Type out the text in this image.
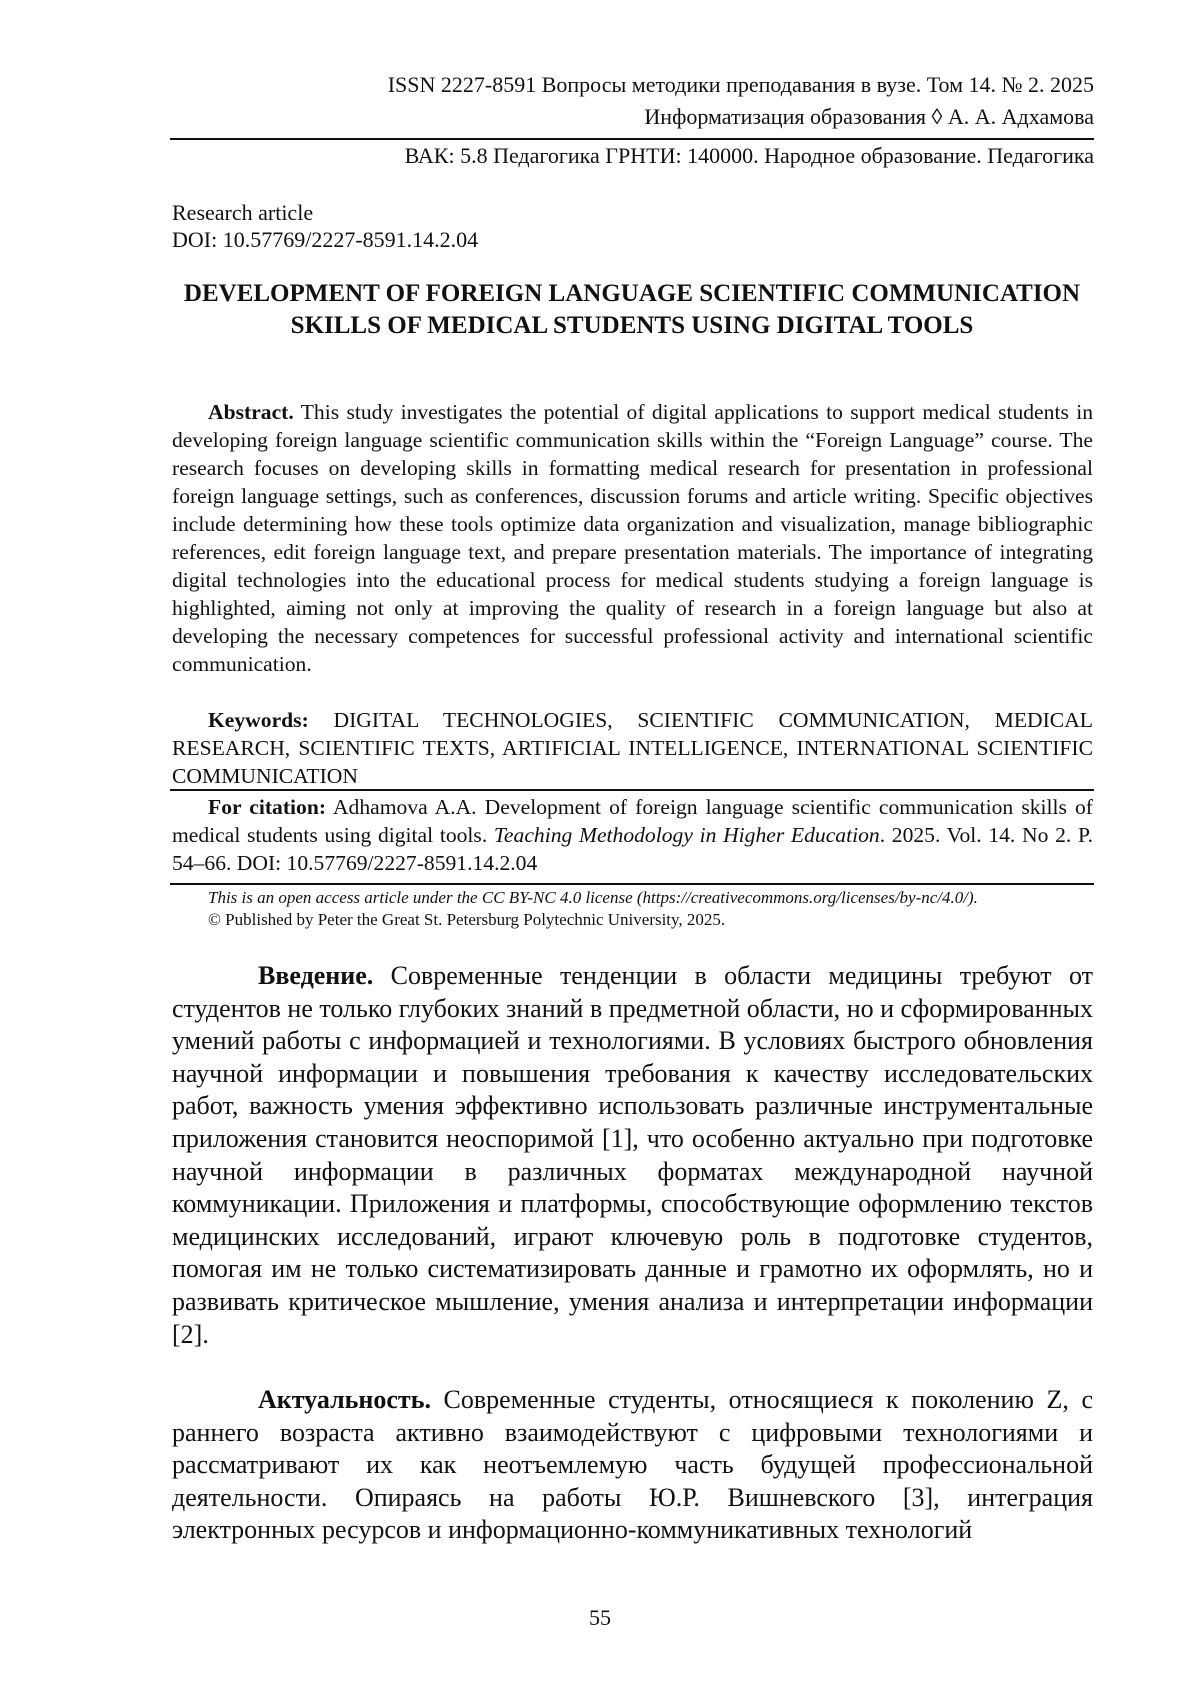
ISSN 2227-8591 Вопросы методики преподавания в вузе. Том 14. № 2. 2025
Информатизация образования ◊ А. А. Адхамова
ВАК: 5.8 Педагогика ГРНТИ: 140000. Народное образование. Педагогика
Research article
DOI: 10.57769/2227-8591.14.2.04
DEVELOPMENT OF FOREIGN LANGUAGE SCIENTIFIC COMMUNICATION SKILLS OF MEDICAL STUDENTS USING DIGITAL TOOLS
Abstract. This study investigates the potential of digital applications to support medical students in developing foreign language scientific communication skills within the “Foreign Language” course. The research focuses on developing skills in formatting medical research for presentation in professional foreign language settings, such as conferences, discussion forums and article writing. Specific objectives include determining how these tools optimize data organization and visualization, manage bibliographic references, edit foreign language text, and prepare presentation materials. The importance of integrating digital technologies into the educational process for medical students studying a foreign language is highlighted, aiming not only at improving the quality of research in a foreign language but also at developing the necessary competences for successful professional activity and international scientific communication.
Keywords: DIGITAL TECHNOLOGIES, SCIENTIFIC COMMUNICATION, MEDICAL RESEARCH, SCIENTIFIC TEXTS, ARTIFICIAL INTELLIGENCE, INTERNATIONAL SCIENTIFIC COMMUNICATION
For citation: Adhamova A.A. Development of foreign language scientific communication skills of medical students using digital tools. Teaching Methodology in Higher Education. 2025. Vol. 14. No 2. P. 54–66. DOI: 10.57769/2227-8591.14.2.04
This is an open access article under the CC BY-NC 4.0 license (https://creativecommons.org/licenses/by-nc/4.0/).
© Published by Peter the Great St. Petersburg Polytechnic University, 2025.
Введение. Современные тенденции в области медицины требуют от студентов не только глубоких знаний в предметной области, но и сформированных умений работы с информацией и технологиями. В условиях быстрого обновления научной информации и повышения требования к качеству исследовательских работ, важность умения эффективно использовать различные инструментальные приложения становится неоспоримой [1], что особенно актуально при подготовке научной информации в различных форматах международной научной коммуникации. Приложения и платформы, способствующие оформлению текстов медицинских исследований, играют ключевую роль в подготовке студентов, помогая им не только систематизировать данные и грамотно их оформлять, но и развивать критическое мышление, умения анализа и интерпретации информации [2].
Актуальность. Современные студенты, относящиеся к поколению Z, с раннего возраста активно взаимодействуют с цифровыми технологиями и рассматривают их как неотъемлемую часть будущей профессиональной деятельности. Опираясь на работы Ю.Р. Вишневского [3], интеграция электронных ресурсов и информационно-коммуникативных технологий
55
